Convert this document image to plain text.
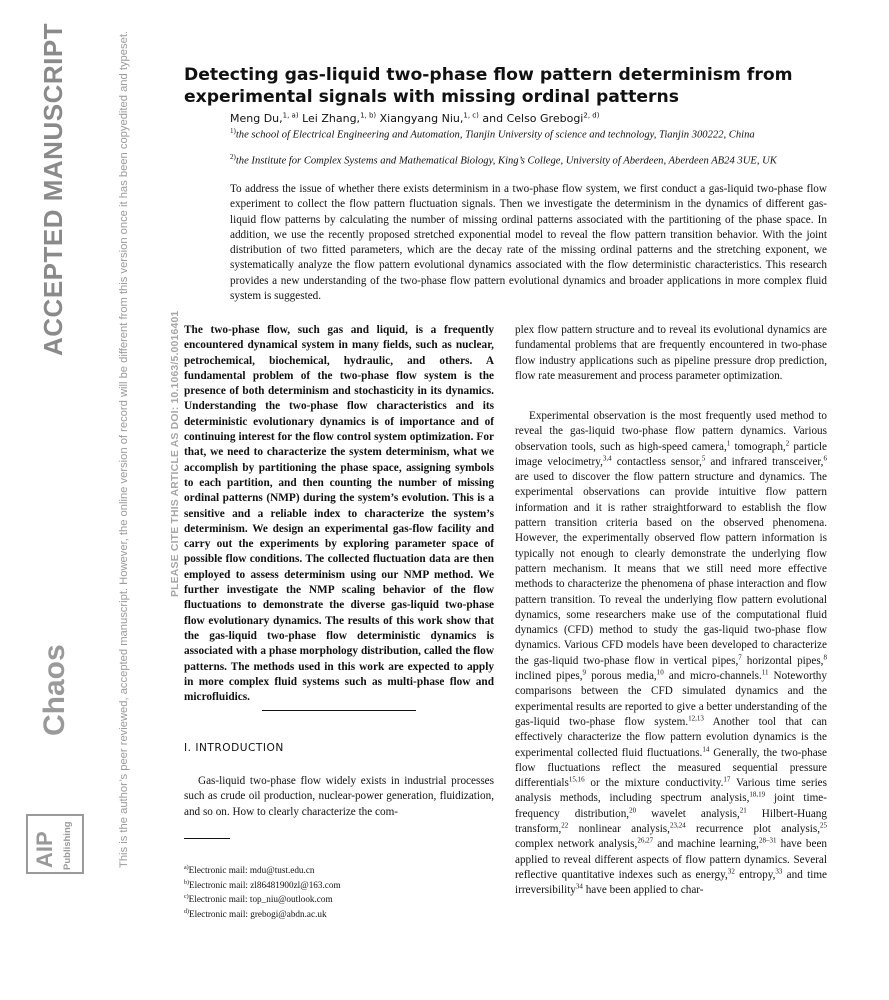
ACCEPTED MANUSCRIPT
Chaos	This is the author’s peer reviewed, accepted manuscript. However, the online version of record will be different from this version once it has been copyedited and typeset.	PLEASE CITE THIS ARTICLE AS DOI: 10.1063/5.0016401
AIP Publishing
Detecting gas-liquid two-phase flow pattern determinism from experimental signals with missing ordinal patterns
Meng Du,$^{1, a)}$ Lei Zhang,$^{1, b)}$ Xiangyang Niu,$^{1, c)}$ and Celso Grebogi$^{2, d)}$
$^{1)}$the school of Electrical Engineering and Automation, Tianjin University of science and technology, Tianjin 300222, China
$^{2)}$the Institute for Complex Systems and Mathematical Biology, King’s College, University of Aberdeen, Aberdeen AB24 3UE, UK

To address the issue of whether there exists determinism in a two-phase flow system, we first conduct a gas-liquid two-phase flow experiment to collect the flow pattern fluctuation signals. Then we investigate the determinism in the dynamics of different gas-liquid flow patterns by calculating the number of missing ordinal patterns associated with the partitioning of the phase space. In addition, we use the recently proposed stretched exponential model to reveal the flow pattern transition behavior. With the joint distribution of two fitted parameters, which are the decay rate of the missing ordinal patterns and the stretching exponent, we systematically analyze the flow pattern evolutional dynamics associated with the flow deterministic characteristics. This research provides a new understanding of the two-phase flow pattern evolutional dynamics and broader applications in more complex fluid system is suggested.

The two-phase flow, such gas and liquid, is a frequently encountered dynamical system in many fields, such as nuclear, petrochemical, biochemical, hydraulic, and others. A fundamental problem of the two-phase flow system is the presence of both determinism and stochasticity in its dynamics. Understanding the two-phase flow characteristics and its deterministic evolutionary dynamics is of importance and of continuing interest for the flow control system optimization. For that, we need to characterize the system determinism, what we accomplish by partitioning the phase space, assigning symbols to each partition, and then counting the number of missing ordinal patterns (NMP) during the system’s evolution. This is a sensitive and a reliable index to characterize the system’s determinism. We design an experimental gas-flow facility and carry out the experiments by exploring parameter space of possible flow conditions. The collected fluctuation data are then employed to assess determinism using our NMP method. We further investigate the NMP scaling behavior of the flow fluctuations to demonstrate the diverse gas-liquid two-phase flow evolutionary dynamics. The results of this work show that the gas-liquid two-phase flow deterministic dynamics is associated with a phase morphology distribution, called the flow patterns. The methods used in this work are expected to apply in more complex fluid systems such as multi-phase flow and microfluidics.

I. INTRODUCTION

Gas-liquid two-phase flow widely exists in industrial processes such as crude oil production, nuclear-power generation, fluidization, and so on. How to clearly characterize the com-

$^{a)}$Electronic mail: mdu@tust.edu.cn
$^{b)}$Electronic mail: zl86481900zl@163.com
$^{c)}$Electronic mail: top_niu@outlook.com
$^{d)}$Electronic mail: grebogi@abdn.ac.uk

plex flow pattern structure and to reveal its evolutional dynamics are fundamental problems that are frequently encountered in two-phase flow industry applications such as pipeline pressure drop prediction, flow rate measurement and process parameter optimization.

Experimental observation is the most frequently used method to reveal the gas-liquid two-phase flow pattern dynamics. Various observation tools, such as high-speed camera,$^1$ tomograph,$^2$ particle image velocimetry,$^{3,4}$ contactless sensor,$^5$ and infrared transceiver,$^6$ are used to discover the flow pattern structure and dynamics. The experimental observations can provide intuitive flow pattern information and it is rather straightforward to establish the flow pattern transition criteria based on the observed phenomena. However, the experimentally observed flow pattern information is typically not enough to clearly demonstrate the underlying flow pattern mechanism. It means that we still need more effective methods to characterize the phenomena of phase interaction and flow pattern transition. To reveal the underlying flow pattern evolutional dynamics, some researchers make use of the computational fluid dynamics (CFD) method to study the gas-liquid two-phase flow dynamics. Various CFD models have been developed to characterize the gas-liquid two-phase flow in vertical pipes,$^7$ horizontal pipes,$^8$ inclined pipes,$^9$ porous media,$^{10}$ and micro-channels.$^{11}$ Noteworthy comparisons between the CFD simulated dynamics and the experimental results are reported to give a better understanding of the gas-liquid two-phase flow system.$^{12,13}$ Another tool that can effectively characterize the flow pattern evolution dynamics is the experimental collected fluid fluctuations.$^{14}$ Generally, the two-phase flow fluctuations reflect the measured sequential pressure differentials$^{15,16}$ or the mixture conductivity.$^{17}$ Various time series analysis methods, including spectrum analysis,$^{18,19}$ joint time-frequency distribution,$^{20}$ wavelet analysis,$^{21}$ Hilbert-Huang transform,$^{22}$ nonlinear analysis,$^{23,24}$ recurrence plot analysis,$^{25}$ complex network analysis,$^{26,27}$ and machine learning,$^{28-31}$ have been applied to reveal different aspects of flow pattern dynamics. Several reflective quantitative indexes such as energy,$^{32}$ entropy,$^{33}$ and time irreversibility$^{34}$ have been applied to char-
